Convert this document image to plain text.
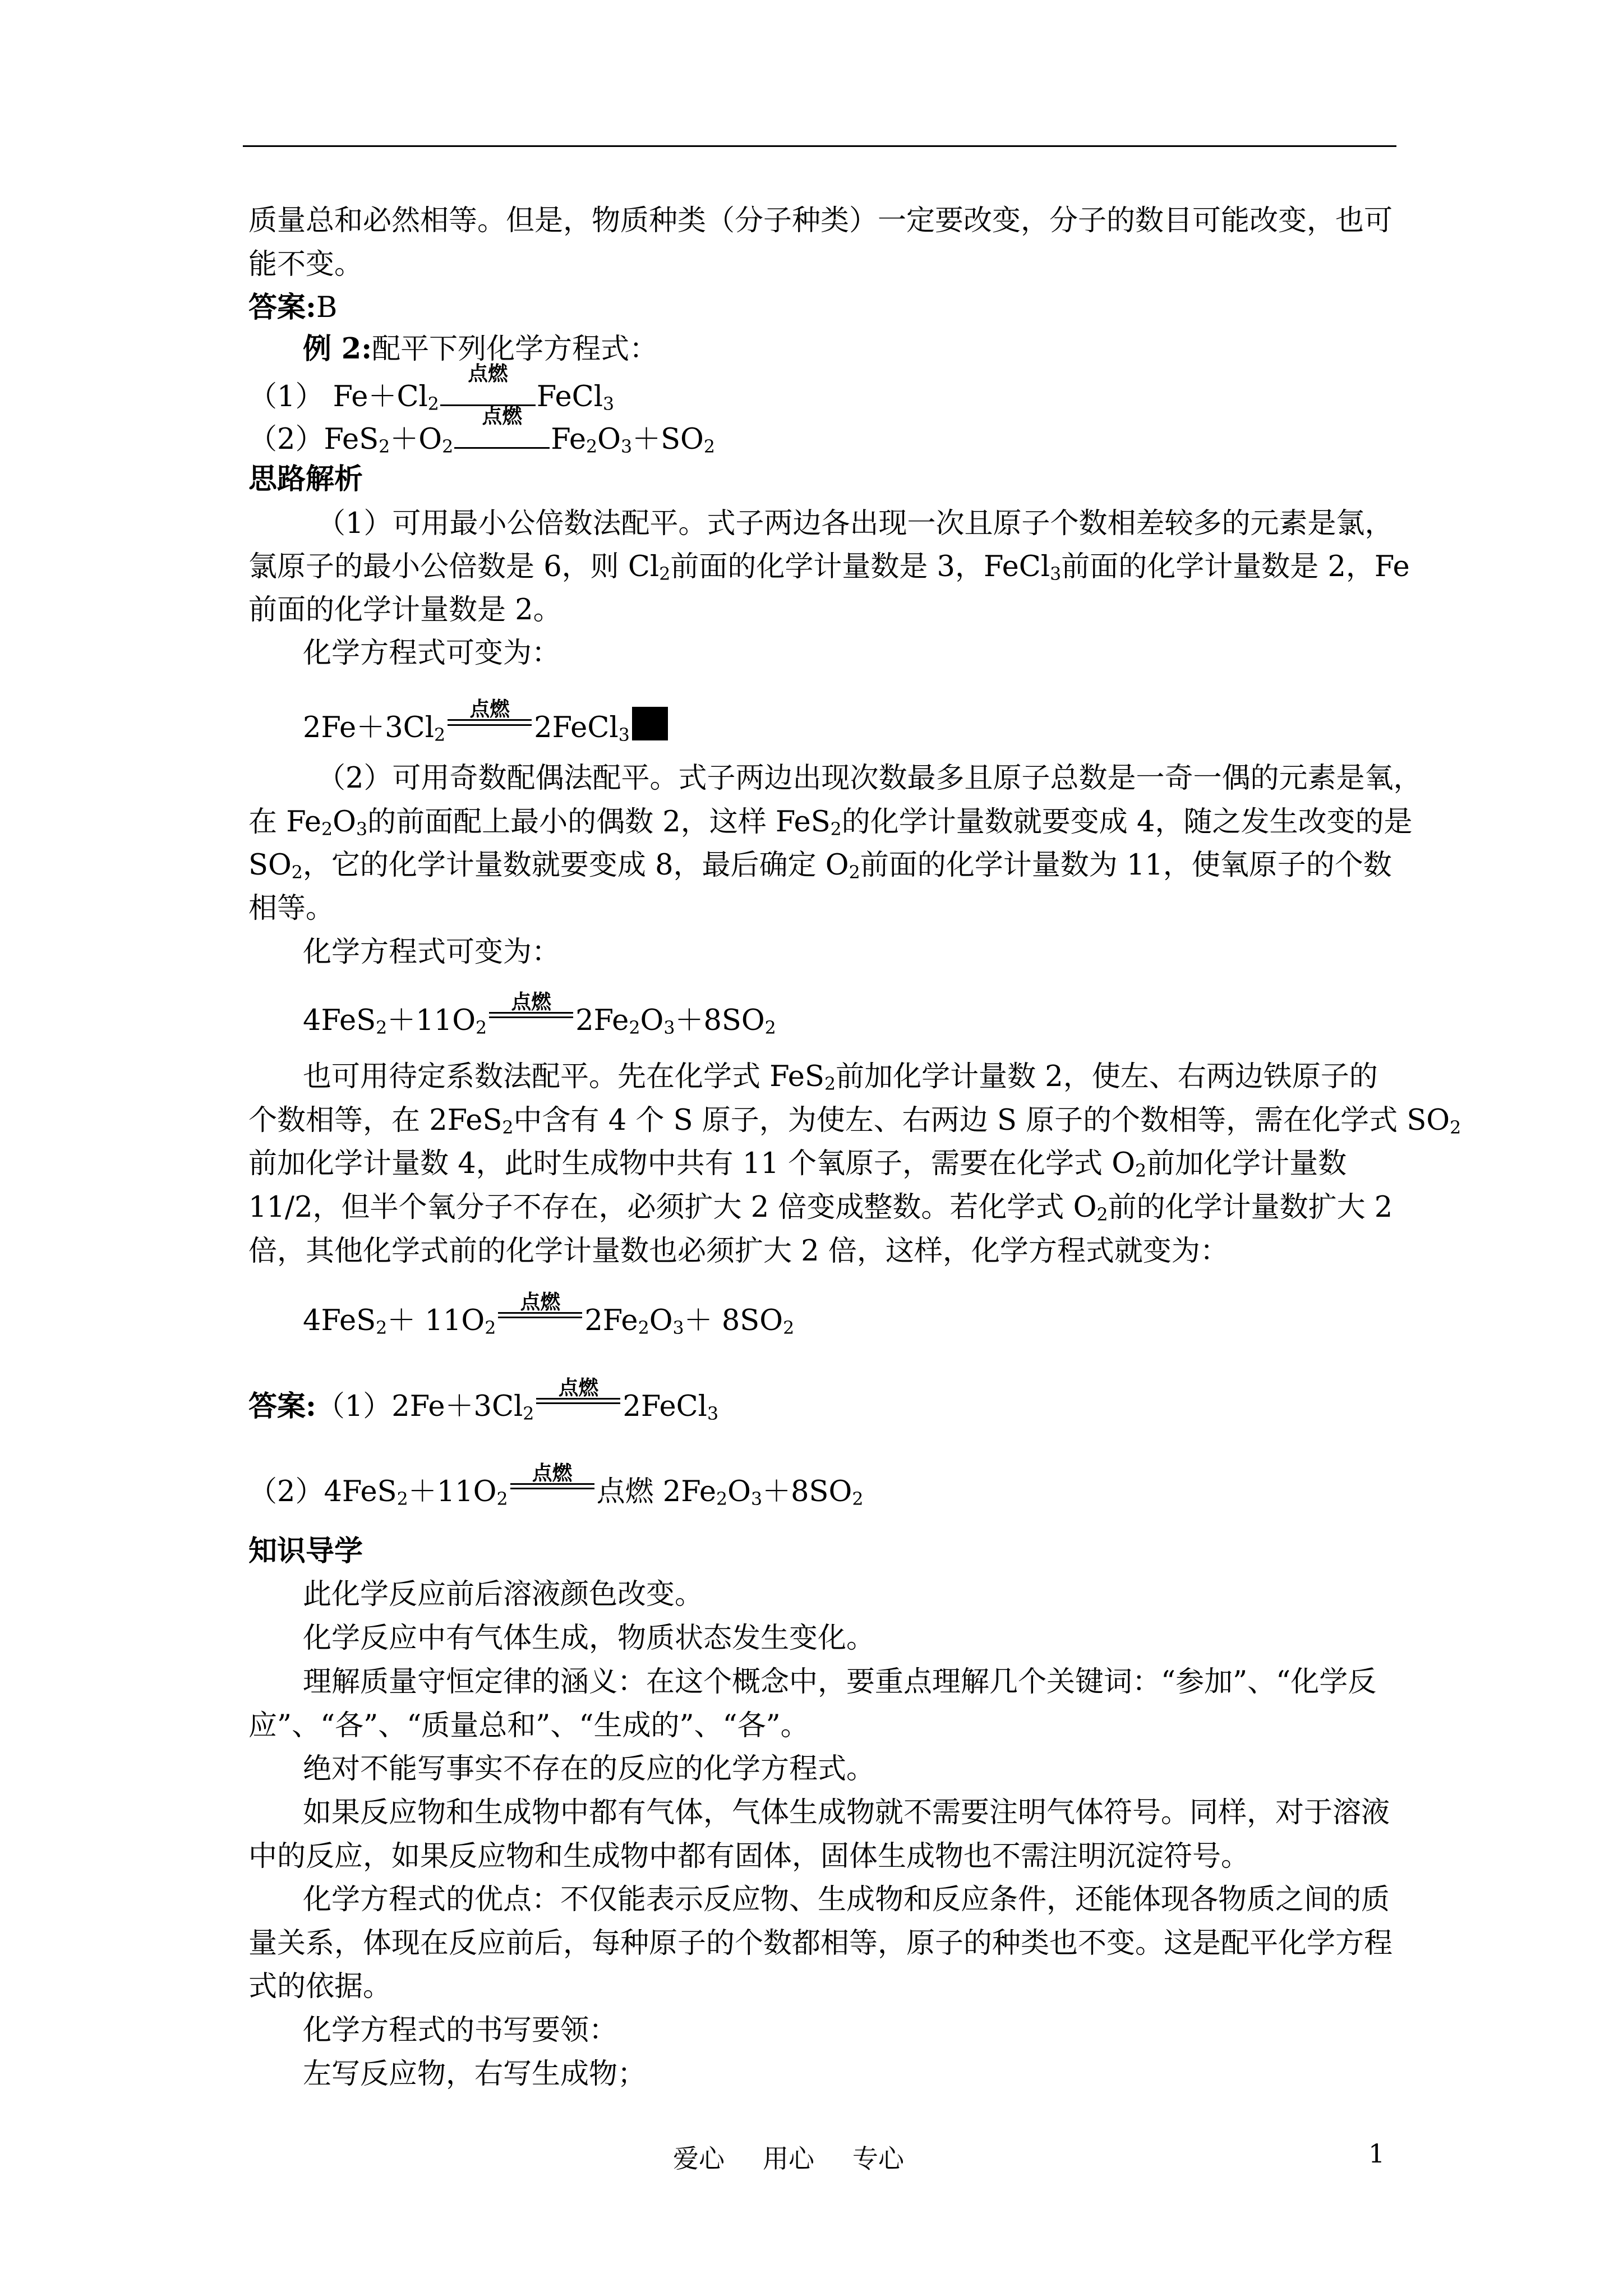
质量总和必然相等。但是，物质种类（分子种类）一定要改变，分子的数目可能改变，也可

能不变。

答案:B

例 2:配平下列化学方程式：

（1） $Fe+Cl_2$
点燃
FeCl$_3$

$(2)FeS_2+O_2$
点燃
$Fe_2O_3+SO_2$

思路解析

（1）可用最小公倍数法配平。式子两边各出现一次且原子个数相差较多的元素是氯，

氯原子的最小公倍数是 6，则 $Cl_2$前面的化学计量数是 3，FeCl$_3$前面的化学计量数是 2，Fe

前面的化学计量数是 2。

化学方程式可变为：

$2Fe+3Cl_2$
点燃
2FeCl$_3$

（2）可用奇数配偶法配平。式子两边出现次数最多且原子总数是一奇一偶的元素是氧，

在 $Fe_2O_3$的前面配上最小的偶数 2，这样 FeS$_2$的化学计量数就要变成 4，随之发生改变的是

$SO_2$，它的化学计量数就要变成 8，最后确定 $O_2$前面的化学计量数为 11，使氧原子的个数

相等。

化学方程式可变为：

$4FeS_2+11O_2$
点燃
$2Fe_2O_3+8SO_2$

也可用待定系数法配平。先在化学式 FeS$_2$前加化学计量数 2，使左、右两边铁原子的

个数相等，在 2FeS$_2$中含有 4 个 S 原子，为使左、右两边 S 原子的个数相等，需在化学式 $SO_2$

前加化学计量数 4，此时生成物中共有 11 个氧原子，需要在化学式 $O_2$前加化学计量数

11/2，但半个氧分子不存在，必须扩大 2 倍变成整数。若化学式 $O_2$前的化学计量数扩大 2

倍，其他化学式前的化学计量数也必须扩大 2 倍，这样，化学方程式就变为：

$4FeS_2+ 11O_2$
点燃
$2Fe_2O_3+ 8SO_2$

答案$:(1)2Fe+3Cl_2$
点燃
2FeCl$_3$

$(2)4FeS_2+11O_2$
点燃
点燃 $2Fe_2O_3+8SO_2$

知识导学

此化学反应前后溶液颜色改变。

化学反应中有气体生成，物质状态发生变化。

理解质量守恒定律的涵义：在这个概念中，要重点理解几个关键词：“参加”、“化学反

应”、“各”、“质量总和”、“生成的”、“各”。

绝对不能写事实不存在的反应的化学方程式。

如果反应物和生成物中都有气体，气体生成物就不需要注明气体符号。同样，对于溶液

中的反应，如果反应物和生成物中都有固体，固体生成物也不需注明沉淀符号。

化学方程式的优点：不仅能表示反应物、生成物和反应条件，还能体现各物质之间的质

量关系，体现在反应前后，每种原子的个数都相等，原子的种类也不变。这是配平化学方程

式的依据。

化学方程式的书写要领：

左写反应物，右写生成物；

爱心 用心 专心	1
